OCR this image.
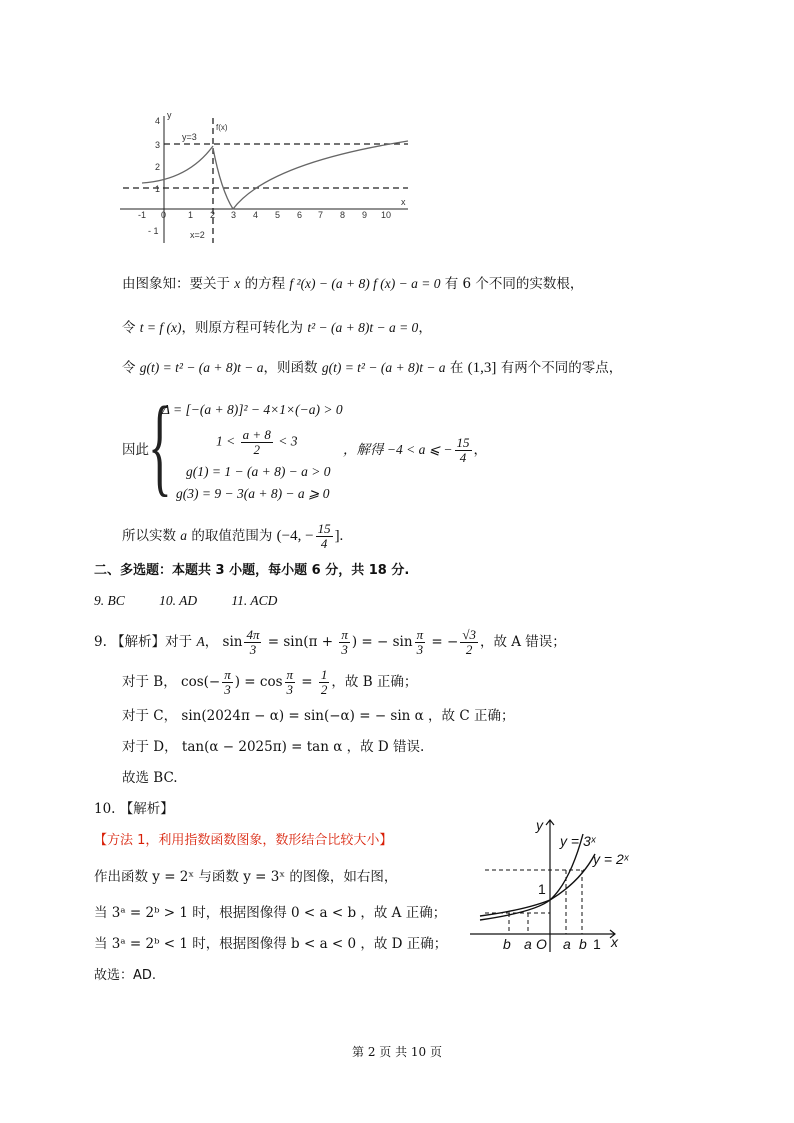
y
x
4
3
2
1
- 1
-1 0 1 2 3 4 5 6 7 8 9 10
y=3
f(x)
x=2
由图象知：要关于 x 的方程 f ²(x) − (a + 8) f (x) − a = 0 有 6 个不同的实数根，
令 t = f (x)，则原方程可转化为 t² − (a + 8)t − a = 0，
令 g(t) = t² − (a + 8)t − a，则函数 g(t) = t² − (a + 8)t − a 在 (1,3] 有两个不同的零点，
因此 {
Δ = [−(a + 8)]² − 4×1×(−a) > 0
$1 < \frac{a + 8}{2} < 3$
g(1) = 1 − (a + 8) − a > 0
g(3) = 9 − 3(a + 8) − a ⩾ 0
，解得 −4 < a ⩽ − $\frac{15}{4}$ ，
所以实数 a 的取值范围为 (−4, − $\frac{15}{4}$ ].
二、多选题：本题共 3 小题，每小题 6 分，共 18 分.
9. BC	10. AD	11. ACD
9. 【解析】对于 A， $\sin \frac{4\pi}{3} = \sin(\pi + \frac{\pi}{3}$ ) = − $\sin \frac{\pi}{3}$ = − $\frac{√3}{2}$ ，故 A 错误；
对于 B， $\cos(- \frac{\pi}{3}$ ) = $\cos \frac{\pi}{3} = \frac{1}{2}$ ，故 B 正确；
对于 C， sin(2024π − α) = sin(−α) = − sin α ，故 C 正确；
对于 D， tan(α − 2025π) = tan α ，故 D 错误.
故选 BC.
10. 【解析】
【方法 1，利用指数函数图象，数形结合比较大小】
作出函数 y = 2ˣ 与函数 y = 3ˣ 的图像，如右图，
当 3ᵃ = 2ᵇ > 1 时，根据图像得 0 < a < b ，故 A 正确；
当 3ᵃ = 2ᵇ < 1 时，根据图像得 b < a < 0 ，故 D 正确；
故选：AD.
y
x
y = 3ˣ
y = 2ˣ
1
b a O a b 1
第 2 页 共 10 页
